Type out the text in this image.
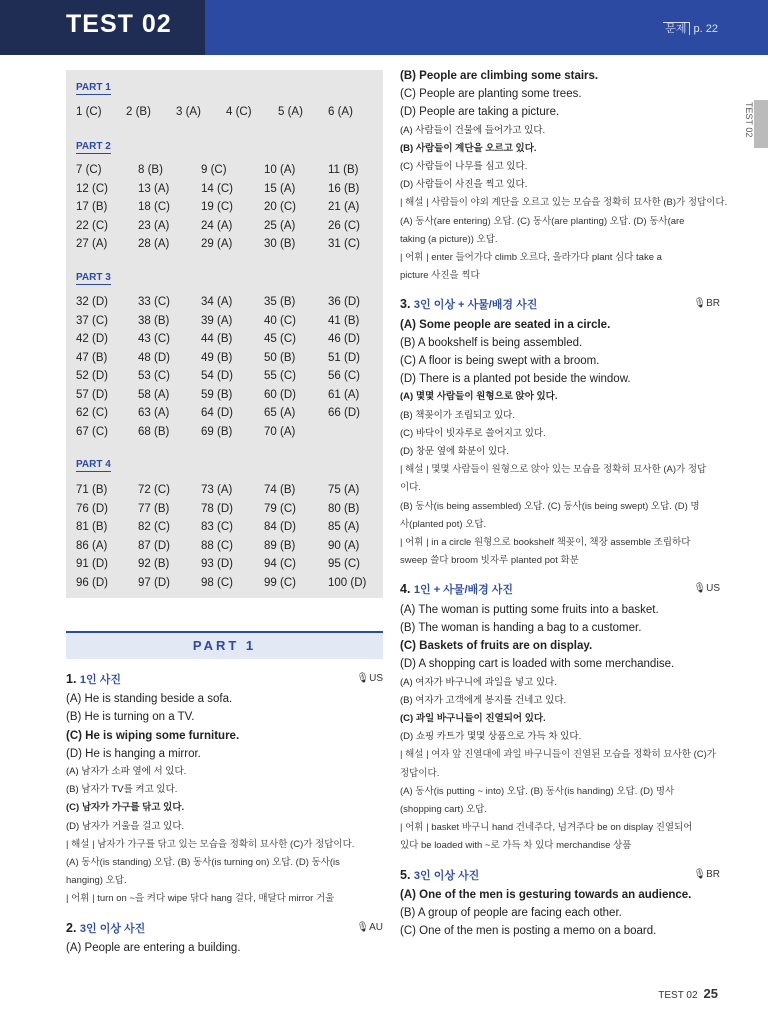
TEST 02	문제 p. 22
TEST 02
PART 1
1 (C) 2 (B) 3 (A) 4 (C) 5 (A) 6 (A)
PART 2
7 (C)	8 (B)	9 (C)	10 (A)	11 (B)
12 (C)	13 (A)	14 (C)	15 (A)	16 (B)
17 (B)	18 (C)	19 (C)	20 (C)	21 (A)
22 (C)	23 (A)	24 (A)	25 (A)	26 (C)
27 (A)	28 (A)	29 (A)	30 (B)	31 (C)
PART 3
32 (D)	33 (C)	34 (A)	35 (B)	36 (D)
37 (C)	38 (B)	39 (A)	40 (C)	41 (B)
42 (D)	43 (C)	44 (B)	45 (C)	46 (D)
47 (B)	48 (D)	49 (B)	50 (B)	51 (D)
52 (D)	53 (C)	54 (D)	55 (C)	56 (C)
57 (D)	58 (A)	59 (B)	60 (D)	61 (A)
62 (C)	63 (A)	64 (D)	65 (A)	66 (D)
67 (C)	68 (B)	69 (B)	70 (A)
PART 4
71 (B)	72 (C)	73 (A)	74 (B)	75 (A)
76 (D)	77 (B)	78 (D)	79 (C)	80 (B)
81 (B)	82 (C)	83 (C)	84 (D)	85 (A)
86 (A)	87 (D)	88 (C)	89 (B)	90 (A)
91 (D)	92 (B)	93 (D)	94 (C)	95 (C)
96 (D)	97 (D)	98 (C)	99 (C)	100 (D)
PART 1
1. 1인 사진	🎙US
(A) He is standing beside a sofa.
(B) He is turning on a TV.
(C) He is wiping some furniture.
(D) He is hanging a mirror.
(A) 남자가 소파 옆에 서 있다.
(B) 남자가 TV를 켜고 있다.
(C) 남자가 가구를 닦고 있다.
(D) 남자가 거울을 걸고 있다.
| 해설 | 남자가 가구를 닦고 있는 모습을 정확히 묘사한 (C)가 정답이다.
(A) 동사(is standing) 오답. (B) 동사(is turning on) 오답. (D) 동사(is
hanging) 오답.
| 어휘 | turn on ~을 켜다 wipe 닦다 hang 걸다, 매달다 mirror 거울
2. 3인 이상 사진	🎙AU
(A) People are entering a building.
(B) People are climbing some stairs.
(C) People are planting some trees.
(D) People are taking a picture.
(A) 사람들이 건물에 들어가고 있다.
(B) 사람들이 계단을 오르고 있다.
(C) 사람들이 나무를 심고 있다.
(D) 사람들이 사진을 찍고 있다.
| 해설 | 사람들이 야외 계단을 오르고 있는 모습을 정확히 묘사한 (B)가 정답이다.
(A) 동사(are entering) 오답. (C) 동사(are planting) 오답. (D) 동사(are
taking (a picture)) 오답.
| 어휘 | enter 들어가다 climb 오르다, 올라가다 plant 심다 take a
picture 사진을 찍다
3. 3인 이상 + 사물/배경 사진	🎙BR
(A) Some people are seated in a circle.
(B) A bookshelf is being assembled.
(C) A floor is being swept with a broom.
(D) There is a planted pot beside the window.
(A) 몇몇 사람들이 원형으로 앉아 있다.
(B) 책꽂이가 조립되고 있다.
(C) 바닥이 빗자루로 쓸어지고 있다.
(D) 창문 옆에 화분이 있다.
| 해설 | 몇몇 사람들이 원형으로 앉아 있는 모습을 정확히 묘사한 (A)가 정답
이다.
(B) 동사(is being assembled) 오답. (C) 동사(is being swept) 오답. (D) 명
사(planted pot) 오답.
| 어휘 | in a circle 원형으로 bookshelf 책꽂이, 책장 assemble 조립하다
sweep 쓸다 broom 빗자루 planted pot 화분
4. 1인 + 사물/배경 사진	🎙US
(A) The woman is putting some fruits into a basket.
(B) The woman is handing a bag to a customer.
(C) Baskets of fruits are on display.
(D) A shopping cart is loaded with some merchandise.
(A) 여자가 바구니에 과일을 넣고 있다.
(B) 여자가 고객에게 봉지를 건네고 있다.
(C) 과일 바구니들이 진열되어 있다.
(D) 쇼핑 카트가 몇몇 상품으로 가득 차 있다.
| 해설 | 여자 앞 진열대에 과일 바구니들이 진열된 모습을 정확히 묘사한 (C)가
정답이다.
(A) 동사(is putting ~ into) 오답. (B) 동사(is handing) 오답. (D) 명사
(shopping cart) 오답.
| 어휘 | basket 바구니 hand 건네주다, 넘겨주다 be on display 진열되어
있다 be loaded with ~로 가득 차 있다 merchandise 상품
5. 3인 이상 사진	🎙BR
(A) One of the men is gesturing towards an audience.
(B) A group of people are facing each other.
(C) One of the men is posting a memo on a board.
TEST 02 25
